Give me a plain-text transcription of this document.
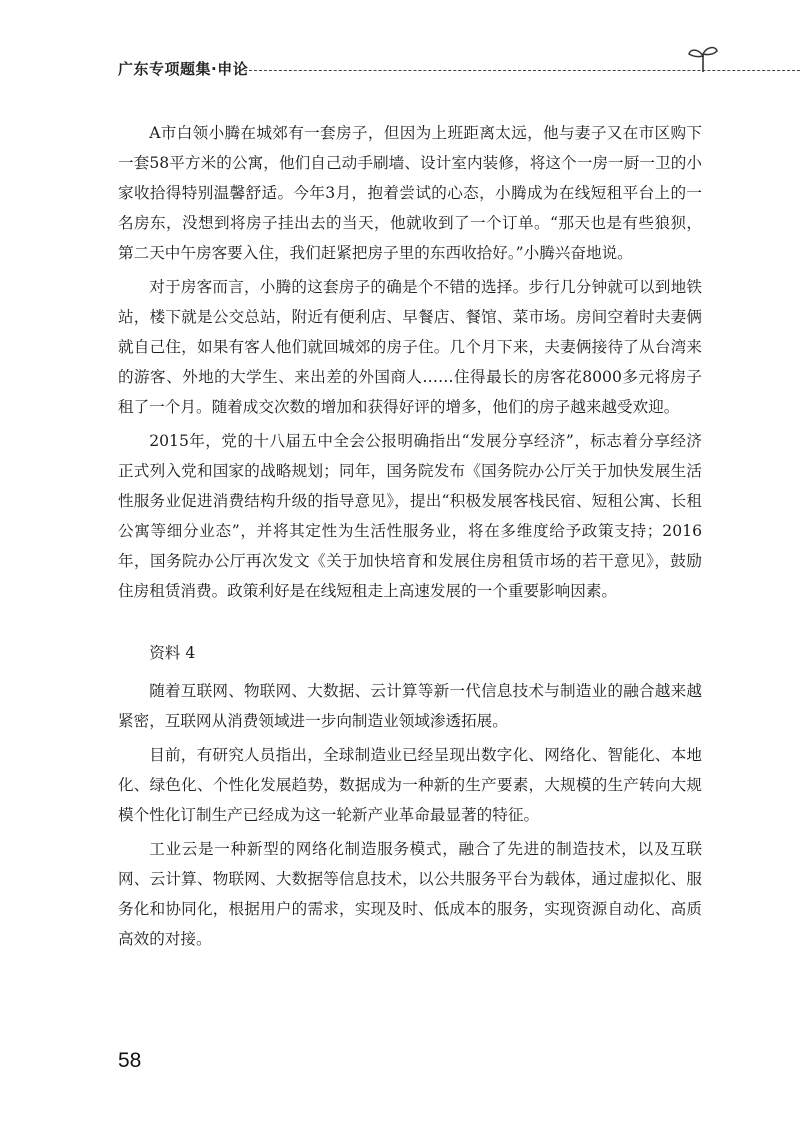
广东专项题集·申论

A市白领小腾在城郊有一套房子，但因为上班距离太远，他与妻子又在市区购下一套58平方米的公寓，他们自己动手刷墙、设计室内装修，将这个一房一厨一卫的小家收拾得特别温馨舒适。今年3月，抱着尝试的心态，小腾成为在线短租平台上的一名房东，没想到将房子挂出去的当天，他就收到了一个订单。“那天也是有些狼狈，第二天中午房客要入住，我们赶紧把房子里的东西收拾好。”小腾兴奋地说。

对于房客而言，小腾的这套房子的确是个不错的选择。步行几分钟就可以到地铁站，楼下就是公交总站，附近有便利店、早餐店、餐馆、菜市场。房间空着时夫妻俩就自己住，如果有客人他们就回城郊的房子住。几个月下来，夫妻俩接待了从台湾来的游客、外地的大学生、来出差的外国商人……住得最长的房客花8000多元将房子租了一个月。随着成交次数的增加和获得好评的增多，他们的房子越来越受欢迎。

2015年，党的十八届五中全会公报明确指出“发展分享经济”，标志着分享经济正式列入党和国家的战略规划；同年，国务院发布《国务院办公厅关于加快发展生活性服务业促进消费结构升级的指导意见》，提出“积极发展客栈民宿、短租公寓、长租公寓等细分业态”，并将其定性为生活性服务业，将在多维度给予政策支持；2016年，国务院办公厅再次发文《关于加快培育和发展住房租赁市场的若干意见》，鼓励住房租赁消费。政策利好是在线短租走上高速发展的一个重要影响因素。

资料 4

随着互联网、物联网、大数据、云计算等新一代信息技术与制造业的融合越来越紧密，互联网从消费领域进一步向制造业领域渗透拓展。

目前，有研究人员指出，全球制造业已经呈现出数字化、网络化、智能化、本地化、绿色化、个性化发展趋势，数据成为一种新的生产要素，大规模的生产转向大规模个性化订制生产已经成为这一轮新产业革命最显著的特征。

工业云是一种新型的网络化制造服务模式，融合了先进的制造技术，以及互联网、云计算、物联网、大数据等信息技术，以公共服务平台为载体，通过虚拟化、服务化和协同化，根据用户的需求，实现及时、低成本的服务，实现资源自动化、高质高效的对接。

58
